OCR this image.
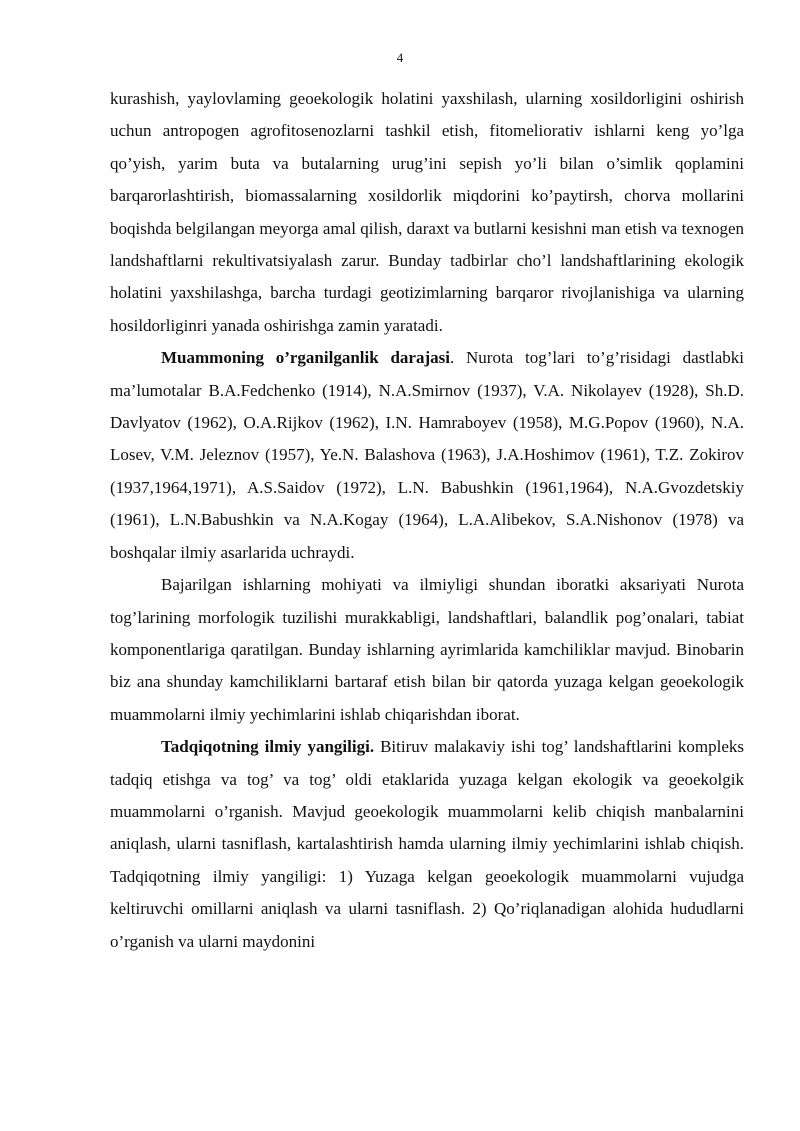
4

kurashish, yaylovlaming geoekologik holatini yaxshilash, ularning xosildorligini oshirish uchun antropogen agrofitosenozlarni tashkil etish, fitomeliorativ ishlarni keng yo’lga qo’yish, yarim buta va butalarning urug’ini sepish yo’li bilan o’simlik qoplamini barqarorlashtirish, biomassalarning xosildorlik miqdorini ko’paytirsh, chorva mollarini boqishda belgilangan meyorga amal qilish, daraxt va butlarni kesishni man etish va texnogen landshaftlarni rekultivatsiyalash zarur. Bunday tadbirlar cho’l landshaftlarining ekologik holatini yaxshilashga, barcha turdagi geotizimlarning barqaror rivojlanishiga va ularning hosildorliginri yanada oshirishga zamin yaratadi.

Muammoning o’rganilganlik darajasi. Nurota tog’lari to’g’risidagi dastlabki ma’lumotalar B.A.Fedchenko (1914), N.A.Smirnov (1937), V.A. Nikolayev (1928), Sh.D. Davlyatov (1962), O.A.Rijkov (1962), I.N. Hamraboyev (1958), M.G.Popov (1960), N.A. Losev, V.M. Jeleznov (1957), Ye.N. Balashova (1963), J.A.Hoshimov (1961), T.Z. Zokirov (1937,1964,1971), A.S.Saidov (1972), L.N. Babushkin (1961,1964), N.A.Gvozdetskiy (1961), L.N.Babushkin va N.A.Kogay (1964), L.A.Alibekov, S.A.Nishonov (1978) va boshqalar ilmiy asarlarida uchraydi.

Bajarilgan ishlarning mohiyati va ilmiyligi shundan iboratki aksariyati Nurota tog’larining morfologik tuzilishi murakkabligi, landshaftlari, balandlik pog’onalari, tabiat komponentlariga qaratilgan. Bunday ishlarning ayrimlarida kamchiliklar mavjud. Binobarin biz ana shunday kamchiliklarni bartaraf etish bilan bir qatorda yuzaga kelgan geoekologik muammolarni ilmiy yechimlarini ishlab chiqarishdan iborat.

Tadqiqotning ilmiy yangiligi. Bitiruv malakaviy ishi tog’ landshaftlarini kompleks tadqiq etishga va tog’ va tog’ oldi etaklarida yuzaga kelgan ekologik va geoekolgik muammolarni o’rganish. Mavjud geoekologik muammolarni kelib chiqish manbalarnini aniqlash, ularni tasniflash, kartalashtirish hamda ularning ilmiy yechimlarini ishlab chiqish. Tadqiqotning ilmiy yangiligi: 1) Yuzaga kelgan geoekologik muammolarni vujudga keltiruvchi omillarni aniqlash va ularni tasniflash. 2) Qo’riqlanadigan alohida hududlarni o’rganish va ularni maydonini
